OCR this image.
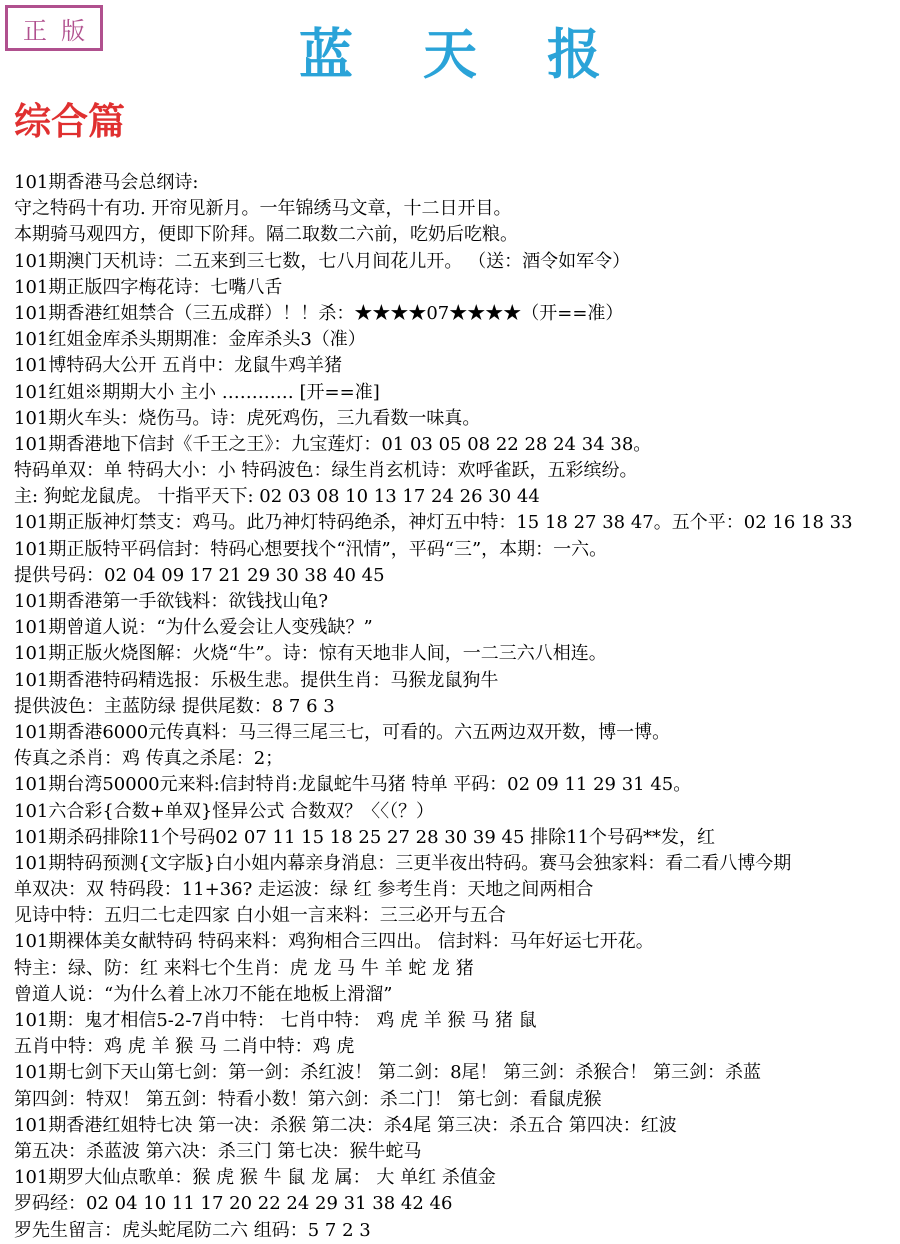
正版	蓝天报
综合篇
101期香港马会总纲诗:
守之特码十有功. 开帘见新月。一年锦绣马文章，十二日开目。
本期骑马观四方，便即下阶拜。隔二取数二六前，吃奶后吃粮。
101期澳门天机诗：二五来到三七数，七八月间花儿开。 （送：酒令如军令）
101期正版四字梅花诗：七嘴八舌
101期香港红姐禁合（三五成群）！！杀：★★★★07★★★★（开==准）
101红姐金库杀头期期准：金库杀头3（准）
101博特码大公开 五肖中：龙鼠牛鸡羊猪
101红姐※期期大小 主小 ………… [开==准]
101期火车头：烧伤马。诗：虎死鸡伤，三九看数一味真。
101期香港地下信封《千王之王》：九宝莲灯：01 03 05 08 22 28 24 34 38。
特码单双：单 特码大小：小 特码波色：绿生肖玄机诗：欢呼雀跃，五彩缤纷。
主: 狗蛇龙鼠虎。 十指平天下: 02 03 08 10 13 17 24 26 30 44
101期正版神灯禁支：鸡马。此乃神灯特码绝杀，神灯五中特：15 18 27 38 47。五个平：02 16 18 33
101期正版特平码信封：特码心想要找个“汛情”，平码“三”，本期：一六。
提供号码：02 04 09 17 21 29 30 38 40 45
101期香港第一手欲钱料：欲钱找山龟?
101期曾道人说：“为什么爱会让人变残缺？”
101期正版火烧图解：火烧“牛”。诗：惊有天地非人间，一二三六八相连。
101期香港特码精选报：乐极生悲。提供生肖：马猴龙鼠狗牛
提供波色：主蓝防绿 提供尾数：8 7 6 3
101期香港6000元传真料：马三得三尾三七，可看的。六五两边双开数，博一博。
传真之杀肖：鸡 传真之杀尾：2；
101期台湾50000元来料:信封特肖:龙鼠蛇牛马猪 特单 平码：02 09 11 29 31 45。
101六合彩{合数+单双}怪异公式 合数双？〈〈（？）
101期杀码排除11个号码02 07 11 15 18 25 27 28 30 39 45 排除11个号码**发，红
101期特码预测{文字版}白小姐内幕亲身消息：三更半夜出特码。赛马会独家料：看二看八博今期
单双决：双 特码段：11+36? 走运波：绿 红 参考生肖：天地之间两相合
见诗中特：五归二七走四家 白小姐一言来料：三三必开与五合
101期裸体美女献特码 特码来料：鸡狗相合三四出。 信封料：马年好运七开花。
特主：绿、防：红 来料七个生肖：虎 龙 马 牛 羊 蛇 龙 猪
曾道人说：“为什么着上冰刀不能在地板上滑溜”
101期：鬼才相信5-2-7肖中特： 七肖中特： 鸡 虎 羊 猴 马 猪 鼠
五肖中特：鸡 虎 羊 猴 马 二肖中特：鸡 虎
101期七剑下天山第七剑：第一剑：杀红波！ 第二剑：8尾！ 第三剑：杀猴合！ 第三剑：杀蓝
第四剑：特双！ 第五剑：特看小数！第六剑：杀二门！ 第七剑：看鼠虎猴
101期香港红姐特七决 第一决：杀猴 第二决：杀4尾 第三决：杀五合 第四决：红波
第五决：杀蓝波 第六决：杀三门 第七决：猴牛蛇马
101期罗大仙点歌单：猴 虎 猴 牛 鼠 龙 属： 大 单红 杀值金
罗码经：02 04 10 11 17 20 22 24 29 31 38 42 46
罗先生留言：虎头蛇尾防二六 组码：5 7 2 3
